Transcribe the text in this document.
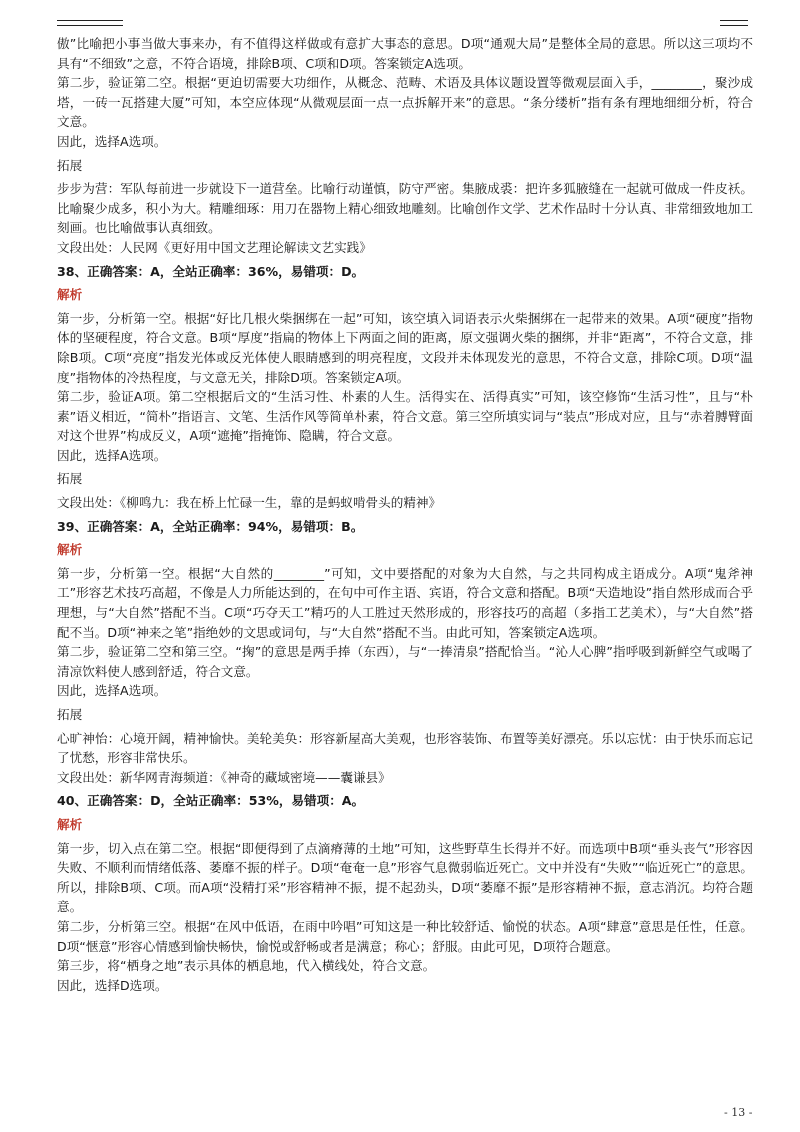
傲”比喻把小事当做大事来办，有不值得这样做或有意扩大事态的意思。D项“通观大局”是整体全局的意思。所以这三项均不具有“不细致”之意，不符合语境，排除B项、C项和D项。答案锁定A选项。

第二步，验证第二空。根据“更迫切需要大功细作，从概念、范畴、术语及具体议题设置等微观层面入手，________，聚沙成塔，一砖一瓦搭建大厦”可知，本空应体现“从微观层面一点一点拆解开来”的意思。“条分缕析”指有条有理地细细分析，符合文意。

因此，选择A选项。

拓展

步步为营：军队每前进一步就设下一道营垒。比喻行动谨慎，防守严密。集腋成裘：把许多狐腋缝在一起就可做成一件皮袄。比喻聚少成多，积小为大。精雕细琢：用刀在器物上精心细致地雕刻。比喻创作文学、艺术作品时十分认真、非常细致地加工刻画。也比喻做事认真细致。

文段出处：人民网《更好用中国文艺理论解读文艺实践》

38、正确答案：A，全站正确率：36%，易错项：D。

解析

第一步，分析第一空。根据“好比几根火柴捆绑在一起”可知，该空填入词语表示火柴捆绑在一起带来的效果。A项“硬度”指物体的坚硬程度，符合文意。B项“厚度”指扁的物体上下两面之间的距离，原文强调火柴的捆绑，并非“距离”，不符合文意，排除B项。C项“亮度”指发光体或反光体使人眼睛感到的明亮程度，文段并未体现发光的意思，不符合文意，排除C项。D项“温度”指物体的冷热程度，与文意无关，排除D项。答案锁定A项。

第二步，验证A项。第二空根据后文的“生活习性、朴素的人生。活得实在、活得真实”可知，该空修饰“生活习性”，且与“朴素”语义相近，“简朴”指语言、文笔、生活作风等简单朴素，符合文意。第三空所填实词与“装点”形成对应，且与“赤着膊臂面对这个世界”构成反义，A项“遮掩”指掩饰、隐瞒，符合文意。

因此，选择A选项。

拓展

文段出处：《柳鸣九：我在桥上忙碌一生，靠的是蚂蚁啃骨头的精神》

39、正确答案：A，全站正确率：94%，易错项：B。

解析

第一步，分析第一空。根据“大自然的________”可知，文中要搭配的对象为大自然，与之共同构成主语成分。A项“鬼斧神工”形容艺术技巧高超，不像是人力所能达到的，在句中可作主语、宾语，符合文意和搭配。B项“天造地设”指自然形成而合乎理想，与“大自然”搭配不当。C项“巧夺天工”精巧的人工胜过天然形成的，形容技巧的高超（多指工艺美术），与“大自然”搭配不当。D项“神来之笔”指绝妙的文思或词句，与“大自然”搭配不当。由此可知，答案锁定A选项。

第二步，验证第二空和第三空。“掬”的意思是两手捧（东西），与“一捧清泉”搭配恰当。“沁人心脾”指呼吸到新鲜空气或喝了清凉饮料使人感到舒适，符合文意。

因此，选择A选项。

拓展

心旷神怡：心境开阔，精神愉快。美轮美奂：形容新屋高大美观，也形容装饰、布置等美好漂亮。乐以忘忧：由于快乐而忘记了忧愁，形容非常快乐。

文段出处：新华网青海频道：《神奇的藏域密境——囊谦县》

40、正确答案：D，全站正确率：53%，易错项：A。

解析

第一步，切入点在第二空。根据“即便得到了点滴瘠薄的土地”可知，这些野草生长得并不好。而选项中B项“垂头丧气”形容因失败、不顺利而情绪低落、萎靡不振的样子。D项“奄奄一息”形容气息微弱临近死亡。文中并没有“失败”“临近死亡”的意思。所以，排除B项、C项。而A项“没精打采”形容精神不振，提不起劲头，D项“萎靡不振”是形容精神不振，意志消沉。均符合题意。

第二步，分析第三空。根据“在风中低语，在雨中吟唱”可知这是一种比较舒适、愉悦的状态。A项“肆意”意思是任性，任意。D项“惬意”形容心情感到愉快畅快，愉悦或舒畅或者是满意；称心；舒服。由此可见，D项符合题意。

第三步，将“栖身之地”表示具体的栖息地，代入横线处，符合文意。

因此，选择D选项。

- 13 -
